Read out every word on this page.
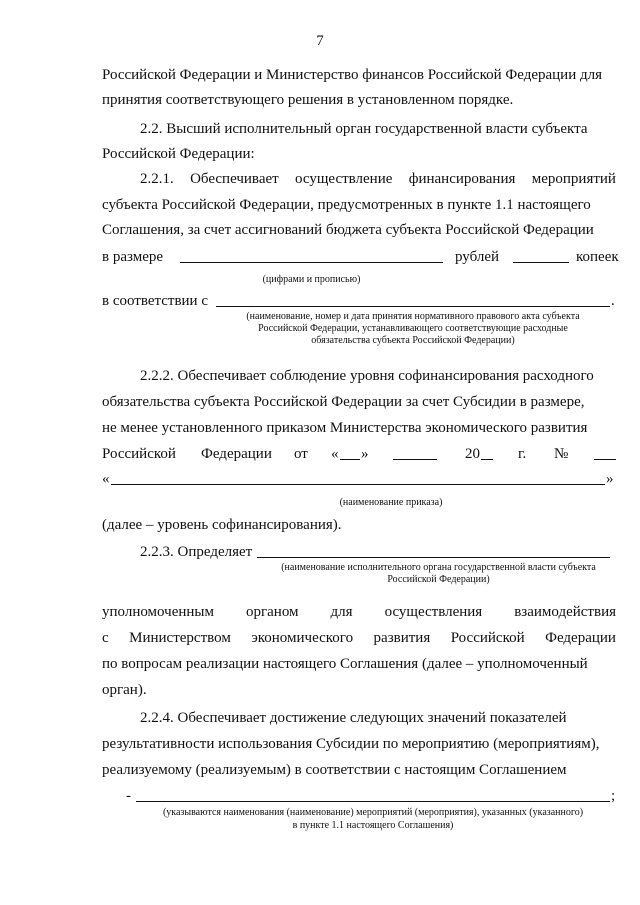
7
Российской Федерации и Министерство финансов Российской Федерации для
принятия соответствующего решения в установленном порядке.
2.2. Высший исполнительный орган государственной власти субъекта
Российской Федерации:
2.2.1. Обеспечивает осуществление финансирования мероприятий
субъекта Российской Федерации, предусмотренных в пункте 1.1 настоящего
Соглашения, за счет ассигнований бюджета субъекта Российской Федерации
в размере	рублей	копеек
(цифрами и прописью)
в соответствии с	.
(наименование, номер и дата принятия нормативного правового акта субъекта
Российской Федерации, устанавливающего соответствующие расходные
обязательства субъекта Российской Федерации)
2.2.2. Обеспечивает соблюдение уровня софинансирования расходного
обязательства субъекта Российской Федерации за счет Субсидии в размере,
не менее установленного приказом Министерства экономического развития
Российской Федерации от « »	20	г. №
«	»
(наименование приказа)
(далее – уровень софинансирования).
2.2.3. Определяет
(наименование исполнительного органа государственной власти субъекта
Российской Федерации)
уполномоченным органом для осуществления взаимодействия
с Министерством экономического развития Российской Федерации
по вопросам реализации настоящего Соглашения (далее – уполномоченный
орган).
2.2.4. Обеспечивает достижение следующих значений показателей
результативности использования Субсидии по мероприятию (мероприятиям),
реализуемому (реализуемым) в соответствии с настоящим Соглашением
-	;
(указываются наименования (наименование) мероприятий (мероприятия), указанных (указанного)
в пункте 1.1 настоящего Соглашения)
